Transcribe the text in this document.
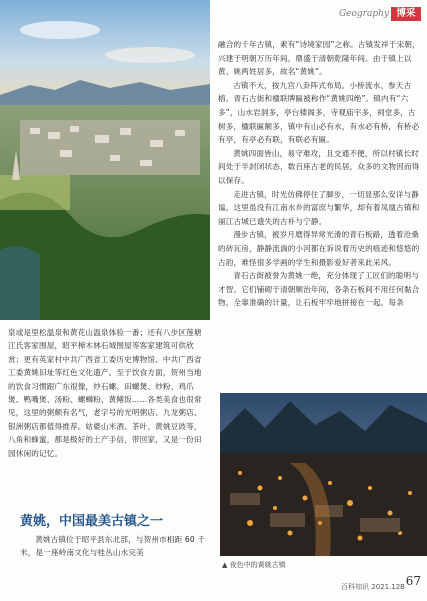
Geography 博采

融合的千年古镇，素有“诗境家园”之称。古镇发祥于宋朝，兴建于明朝万历年间，鼎盛于清朝乾隆年间。由于镇上以黄、姚两姓居多，故名“黄姚”。

古镇不大，按九宫八卦阵式布局。小桥流水、参天古榕、青石古街和楹联牌匾被称作“黄姚四绝”。镇内有“六多”，山水岩洞多，亭台楼阁多，寺观庙宇多，祠堂多，古树多，楹联匾额多，镇中有山必有水，有水必有桥，有桥必有亭，有亭必有联，有联必有匾。

黄姚四面皆山，易守难攻，且交通不便，所以村镇长时间处于半封闭状态，数百座古老的民居，众多的文物因而得以保存。

走进古镇，时光仿佛停住了脚步，一切显那么安详与静谧。这里虽没有江南水乡的富庶与繁华，却有着凤凰古镇和丽江古城已遗失的古朴与宁静。

漫步古镇，被岁月磨得异常光滑的青石板路，透着沧桑的砖瓦房，静静流淌的小河都在诉说着历史的痕迹和悠悠的古韵，难怪很多学画的学生和摄影爱好者来此采风。

青石古街被誉为黄姚一绝，充分体现了工匠们的聪明与才智。它们铺砌于清朝顺治年间，各条石板间不用任何黏合物，全靠准确的计量，让石板牢牢地拼接在一起。每条

泉或是里松温泉和黄花山温泉体验一番；还有八步区莲塘江氏客家围屋，昭平樟木林石城围屋等客家建筑可供欣赏；更有英家村中共广西省工委历史博物馆、中共广西省工委黄姚旧址等红色文化遗产。至于饮食方面，贺州当地的饮食习惯跟广东很像，炒石螺、田螺煲、炒粉、鸡爪煲、鸭嘴煲、汤粉、螺蛳粉、黄鳝饭……各类美食也很常见，这里的粥颇有名气，老字号的光明粥店、九龙粥店、银洲粥店都值得推荐。姑婆山米酒、茶叶、黄姚豆豉等，八角和蜂蜜，都是极好的土产手信，带回家，又是一份田园休闲的记忆。

黄姚，中国最美古镇之一

黄姚古镇位于昭平县东北部，与贺州市相距 60 千米，是一座岭南文化与桂丛山水完美

▲ 夜色中的黄姚古镇
百科知识 2021.12B 67
